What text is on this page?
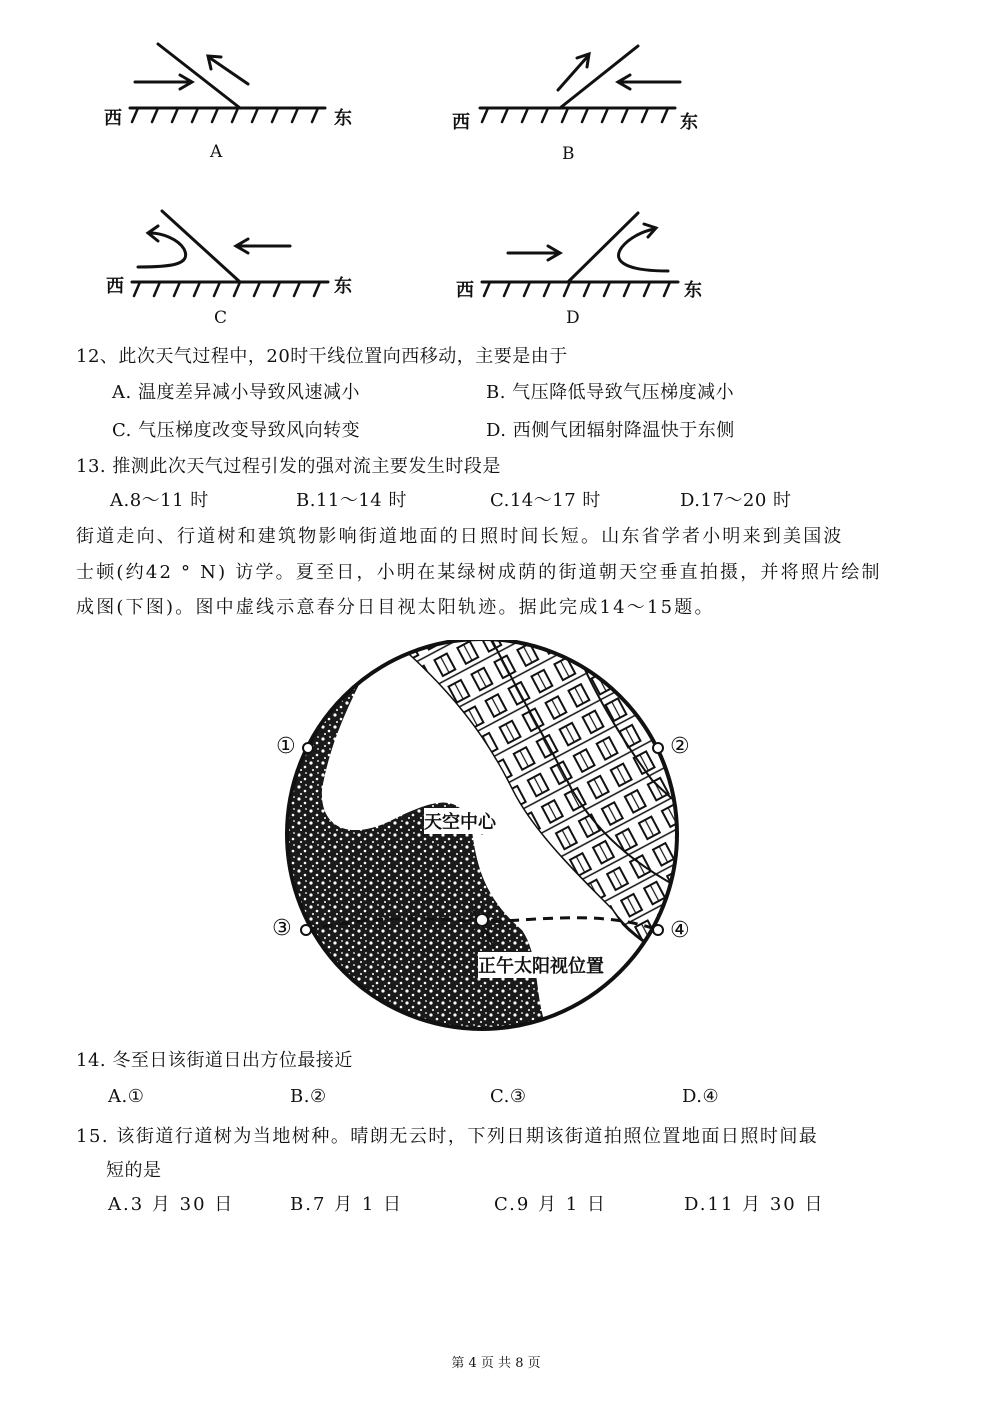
西	东
A
西	东
B
西	东
C
西	东
D
12、此次天气过程中，20时干线位置向西移动，主要是由于
A. 温度差异减小导致风速减小	B. 气压降低导致气压梯度减小
C. 气压梯度改变导致风向转变	D. 西侧气团辐射降温快于东侧
13. 推测此次天气过程引发的强对流主要发生时段是
A.8～11 时	B.11～14 时	C.14～17 时	D.17～20 时
街道走向、行道树和建筑物影响街道地面的日照时间长短。山东省学者小明来到美国波
士顿(约42 ° N) 访学。夏至日，小明在某绿树成荫的街道朝天空垂直拍摄，并将照片绘制
成图(下图)。图中虚线示意春分日目视太阳轨迹。据此完成14～15题。
天空中心
正午太阳视位置
①	②
③	④
14. 冬至日该街道日出方位最接近
A.①	B.②	C.③	D.④
15. 该街道行道树为当地树种。晴朗无云时，下列日期该街道拍照位置地面日照时间最
短的是
A.3 月 30 日	B.7 月 1 日	C.9 月 1 日	D.11 月 30 日
第 4 页 共 8 页
